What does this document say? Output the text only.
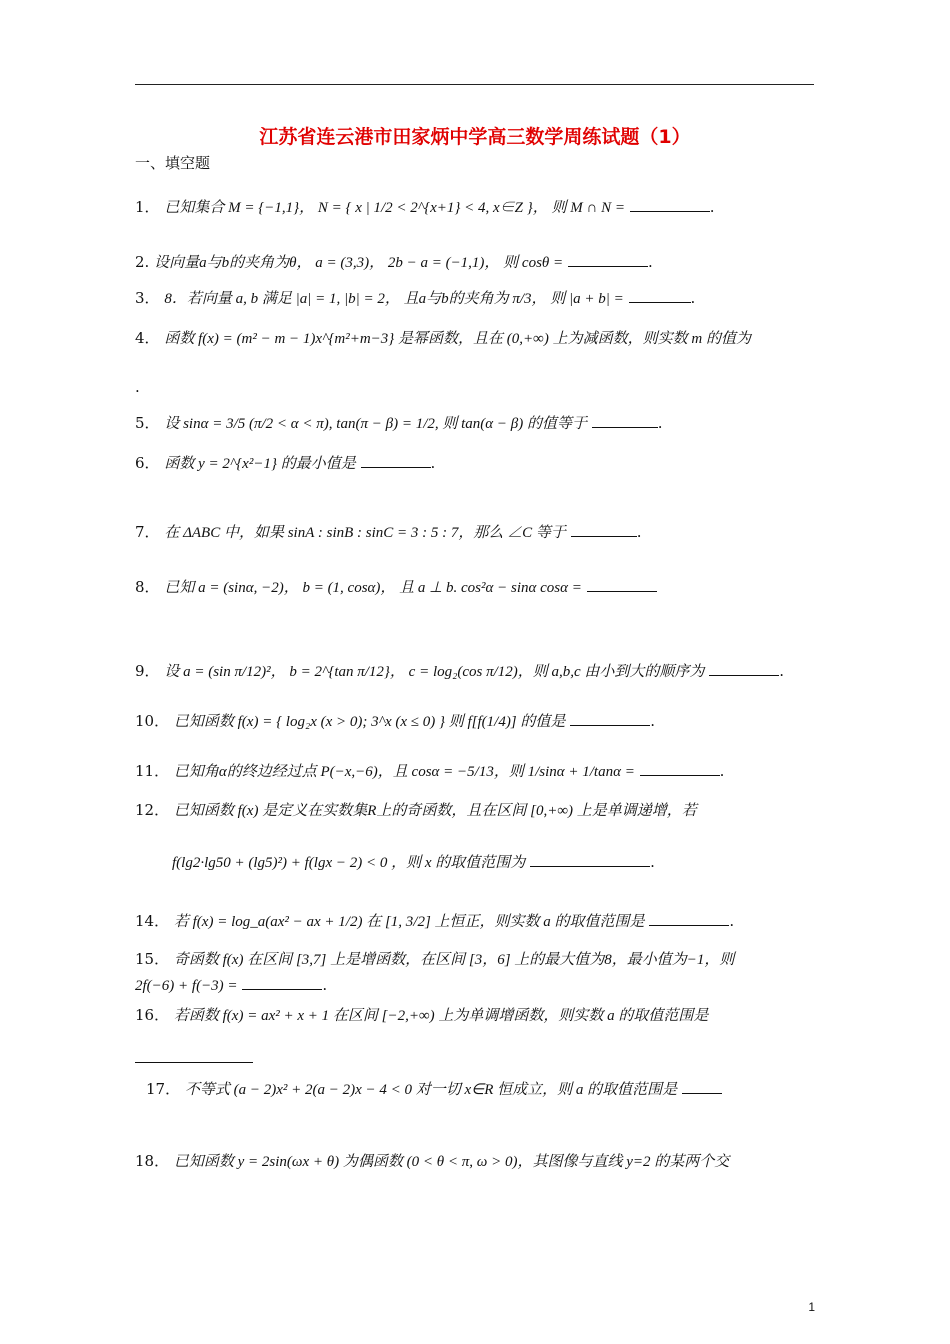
江苏省连云港市田家炳中学高三数学周练试题（1）
一、填空题
1． 已知集合 M = {−1,1}， N = { x | 1/2 < 2^{x+1} < 4, x∈Z }， 则 M ∩ N =	.
2. 设向量a与b的夹角为θ， a = (3,3)， 2b − a = (−1,1)， 则 cosθ =	.
3． 8．若向量 a, b 满足 |a| = 1, |b| = 2， 且a与b的夹角为 π/3， 则 |a + b| =	.
4． 函数 f(x) = (m² − m − 1)x^{m²+m−3} 是幂函数，且在 (0,+∞) 上为减函数，则实数 m 的值为
.
5． 设 sinα = 3/5 (π/2 < α < π), tan(π − β) = 1/2, 则 tan(α − β) 的值等于	.
6． 函数 y = 2^{x²−1} 的最小值是	.
7． 在 ΔABC 中，如果 sinA : sinB : sinC = 3 : 5 : 7，那么 ∠C 等于	.
8． 已知 a = (sinα, −2)， b = (1, cosα)， 且 a ⊥ b. cos²α − sinα cosα =
9． 设 a = (sin π/12)²， b = 2^{tan π/12}， c = log₂(cos π/12)，则 a,b,c 由小到大的顺序为	.
10． 已知函数 f(x) = { log₂x (x > 0); 3^x (x ≤ 0) } 则 f[f(1/4)] 的值是	.
11． 已知角α的终边经过点 P(−x,−6)，且 cosα = −5/13，则 1/sinα + 1/tanα =	.
12． 已知函数 f(x) 是定义在实数集R上的奇函数，且在区间 [0,+∞) 上是单调递增，若
f(lg2·lg50 + (lg5)²) + f(lgx − 2) < 0 ，则 x 的取值范围为	.
14． 若 f(x) = log_a(ax² − ax + 1/2) 在 [1, 3/2] 上恒正，则实数 a 的取值范围是	.
15． 奇函数 f(x) 在区间 [3,7] 上是增函数，在区间 [3，6] 上的最大值为8，最小值为−1，则
2f(−6) + f(−3) =	.
16． 若函数 f(x) = ax² + x + 1 在区间 [−2,+∞) 上为单调增函数，则实数 a 的取值范围是
17． 不等式 (a − 2)x² + 2(a − 2)x − 4 < 0 对一切 x∈R 恒成立，则 a 的取值范围是
18． 已知函数 y = 2sin(ωx + θ) 为偶函数 (0 < θ < π, ω > 0)，其图像与直线 y=2 的某两个交
1
